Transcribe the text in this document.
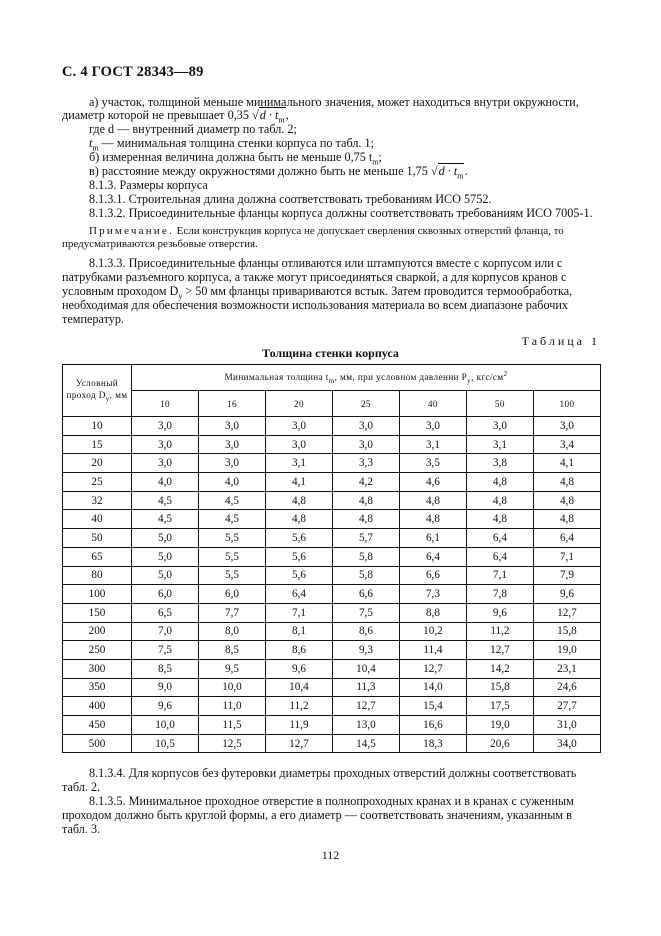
С. 4 ГОСТ 28343—89
а) участок, толщиной меньше минимального значения, может находиться внутри окружности,
диаметр которой не превышает 0,35 $√d \cdot t_m$,
где d — внутренний диаметр по табл. 2;
$t_m$ — минимальная толщина стенки корпуса по табл. 1;
б) измеренная величина должна быть не меньше 0,75 $t_m$;
в) расстояние между окружностями должно быть не меньше 1,75 $√d \cdot t_m$.
8.1.3. Размеры корпуса
8.1.3.1. Строительная длина должна соответствовать требованиям ИСО 5752.
8.1.3.2. Присоединительные фланцы корпуса должны соответствовать требованиям ИСО 7005-1.
Примечание. Если конструкция корпуса не допускает сверления сквозных отверстий фланца, то
предусматриваются резьбовые отверстия.
8.1.3.3. Присоединительные фланцы отливаются или штампуются вместе с корпусом или с
патрубками разъемного корпуса, а также могут присоединяться сваркой, а для корпусов кранов с
условным проходом $D_y > 50$ мм фланцы привариваются встык. Затем проводится термообработка,
необходимая для обеспечения возможности использования материала во всем диапазоне рабочих
температур.
Таблица 1
Толщина стенки корпуса
Условный
проход $D_y$, мм	Минимальная толщина $t_m$, мм, при условном давлении $P_y$, кгс/$см^2$
	10	16	20	25	40	50	100
10	3,0	3,0	3,0	3,0	3,0	3,0	3,0
15	3,0	3,0	3,0	3,0	3,1	3,1	3,4
20	3,0	3,0	3,1	3,3	3,5	3,8	4,1
25	4,0	4,0	4,1	4,2	4,6	4,8	4,8
32	4,5	4,5	4,8	4,8	4,8	4,8	4,8
40	4,5	4,5	4,8	4,8	4,8	4,8	4,8
50	5,0	5,5	5,6	5,7	6,1	6,4	6,4
65	5,0	5,5	5,6	5,8	6,4	6,4	7,1
80	5,0	5,5	5,6	5,8	6,6	7,1	7,9
100	6,0	6,0	6,4	6,6	7,3	7,8	9,6
150	6,5	7,7	7,1	7,5	8,8	9,6	12,7
200	7,0	8,0	8,1	8,6	10,2	11,2	15,8
250	7,5	8,5	8,6	9,3	11,4	12,7	19,0
300	8,5	9,5	9,6	10,4	12,7	14,2	23,1
350	9,0	10,0	10,4	11,3	14,0	15,8	24,6
400	9,6	11,0	11,2	12,7	15,4	17,5	27,7
450	10,0	11,5	11,9	13,0	16,6	19,0	31,0
500	10,5	12,5	12,7	14,5	18,3	20,6	34,0
8.1.3.4. Для корпусов без футеровки диаметры проходных отверстий должны соответствовать
табл. 2.
8.1.3.5. Минимальное проходное отверстие в полнопроходных кранах и в кранах с суженным
проходом должно быть круглой формы, а его диаметр — соответствовать значениям, указанным в
табл. 3.
112
